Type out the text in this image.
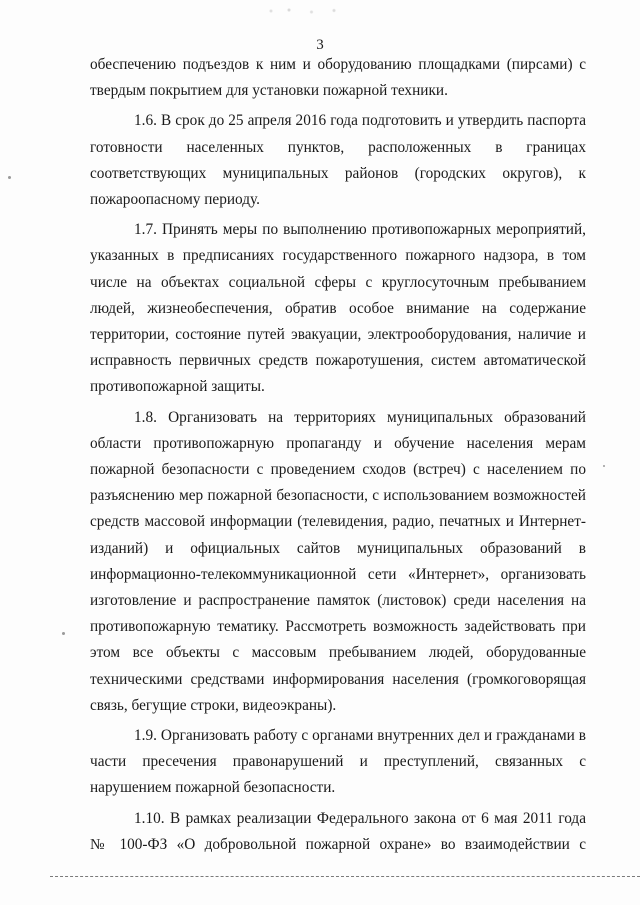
3
обеспечению подъездов к ним и оборудованию площадками (пирсами) с
твердым покрытием для установки пожарной техники.
1.6. В срок до 25 апреля 2016 года подготовить и утвердить паспорта
готовности населенных пунктов, расположенных в границах
соответствующих муниципальных районов (городских округов), к
пожароопасному периоду.
1.7. Принять меры по выполнению противопожарных мероприятий,
указанных в предписаниях государственного пожарного надзора, в том
числе на объектах социальной сферы с круглосуточным пребыванием
людей, жизнеобеспечения, обратив особое внимание на содержание
территории, состояние путей эвакуации, электрооборудования, наличие и
исправность первичных средств пожаротушения, систем автоматической
противопожарной защиты.
1.8. Организовать на территориях муниципальных образований
области противопожарную пропаганду и обучение населения мерам
пожарной безопасности с проведением сходов (встреч) с населением по
разъяснению мер пожарной безопасности, с использованием возможностей
средств массовой информации (телевидения, радио, печатных и Интернет-
изданий) и официальных сайтов муниципальных образований в
информационно-телекоммуникационной сети «Интернет», организовать
изготовление и распространение памяток (листовок) среди населения на
противопожарную тематику. Рассмотреть возможность задействовать при
этом все объекты с массовым пребыванием людей, оборудованные
техническими средствами информирования населения (громкоговорящая
связь, бегущие строки, видеоэкраны).
1.9. Организовать работу с органами внутренних дел и гражданами в
части пресечения правонарушений и преступлений, связанных с
нарушением пожарной безопасности.
1.10. В рамках реализации Федерального закона от 6 мая 2011 года
№ 100-ФЗ «О добровольной пожарной охране» во взаимодействии с
